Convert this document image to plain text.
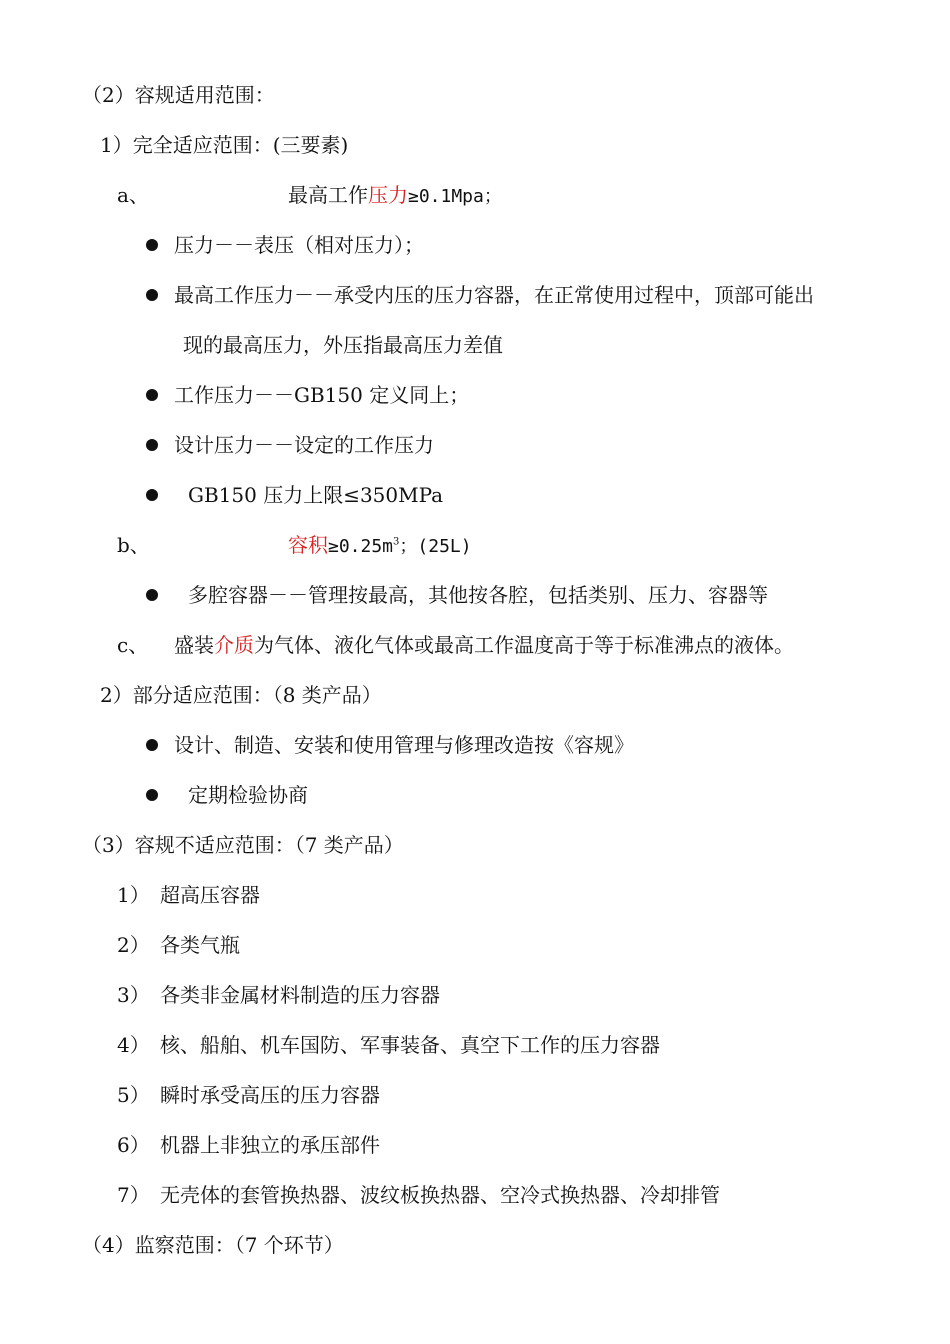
（2）容规适用范围：
1）完全适应范围：(三要素)
a、	最高工作压力≥0.1Mpa；
压力－－表压（相对压力）；
最高工作压力－－承受内压的压力容器，在正常使用过程中，顶部可能出
现的最高压力，外压指最高压力差值
工作压力－－GB150 定义同上；
设计压力－－设定的工作压力
GB150 压力上限≤350MPa
b、	容积$\ge 0.25m^3$；(25L)
多腔容器－－管理按最高，其他按各腔，包括类别、压力、容器等
c、 盛装介质为气体、液化气体或最高工作温度高于等于标准沸点的液体。
2）部分适应范围：（8 类产品）
设计、制造、安装和使用管理与修理改造按《容规》
定期检验协商
（3）容规不适应范围：（7 类产品）
1） 超高压容器
2） 各类气瓶
3） 各类非金属材料制造的压力容器
4） 核、船舶、机车国防、军事装备、真空下工作的压力容器
5） 瞬时承受高压的压力容器
6） 机器上非独立的承压部件
7） 无壳体的套管换热器、波纹板换热器、空冷式换热器、冷却排管
（4）监察范围：（7 个环节）
